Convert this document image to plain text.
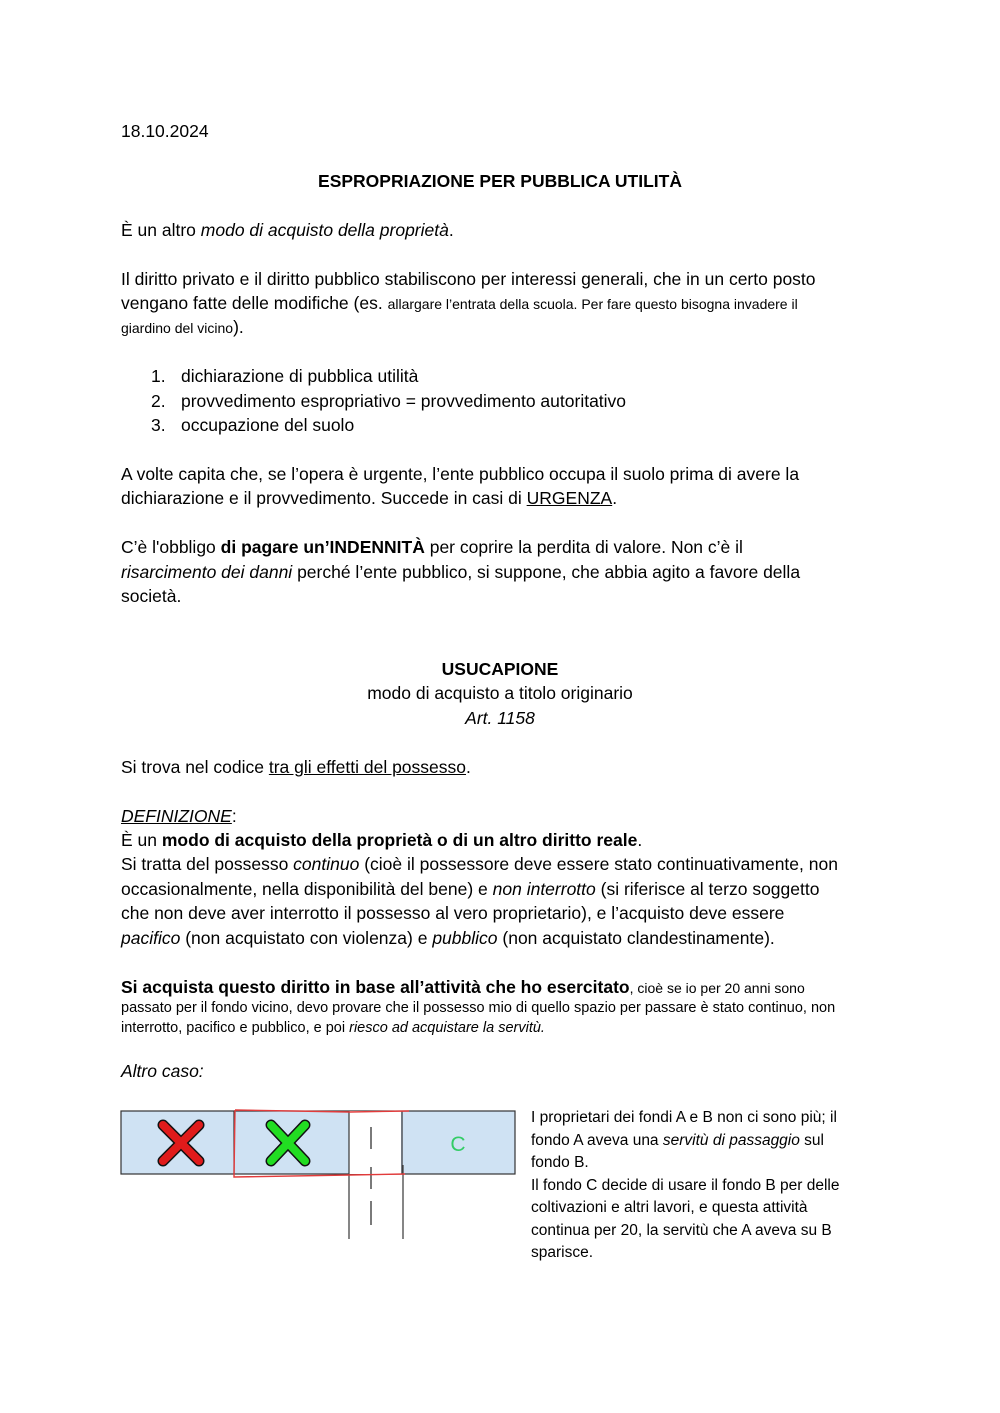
18.10.2024
ESPROPRIAZIONE PER PUBBLICA UTILITÀ
È un altro modo di acquisto della proprietà.
Il diritto privato e il diritto pubblico stabiliscono per interessi generali, che in un certo posto
vengano fatte delle modifiche (es. allargare l’entrata della scuola. Per fare questo bisogna invadere il
giardino del vicino).
1. dichiarazione di pubblica utilità
2. provvedimento espropriativo = provvedimento autoritativo
3. occupazione del suolo
A volte capita che, se l’opera è urgente, l’ente pubblico occupa il suolo prima di avere la
dichiarazione e il provvedimento. Succede in casi di URGENZA.
C’è l'obbligo di pagare un’INDENNITÀ per coprire la perdita di valore. Non c’è il
risarcimento dei danni perché l’ente pubblico, si suppone, che abbia agito a favore della
società.
USUCAPIONE
modo di acquisto a titolo originario
Art. 1158
Si trova nel codice tra gli effetti del possesso.
DEFINIZIONE:
È un modo di acquisto della proprietà o di un altro diritto reale.
Si tratta del possesso continuo (cioè il possessore deve essere stato continuativamente, non
occasionalmente, nella disponibilità del bene) e non interrotto (si riferisce al terzo soggetto
che non deve aver interrotto il possesso al vero proprietario), e l’acquisto deve essere
pacifico (non acquistato con violenza) e pubblico (non acquistato clandestinamente).
Si acquista questo diritto in base all’attività che ho esercitato, cioè se io per 20 anni sono
passato per il fondo vicino, devo provare che il possesso mio di quello spazio per passare è stato continuo, non
interrotto, pacifico e pubblico, e poi riesco ad acquistare la servitù.
Altro caso:
C
I proprietari dei fondi A e B non ci sono più; il
fondo A aveva una servitù di passaggio sul
fondo B.
Il fondo C decide di usare il fondo B per delle
coltivazioni e altri lavori, e questa attività
continua per 20, la servitù che A aveva su B
sparisce.
